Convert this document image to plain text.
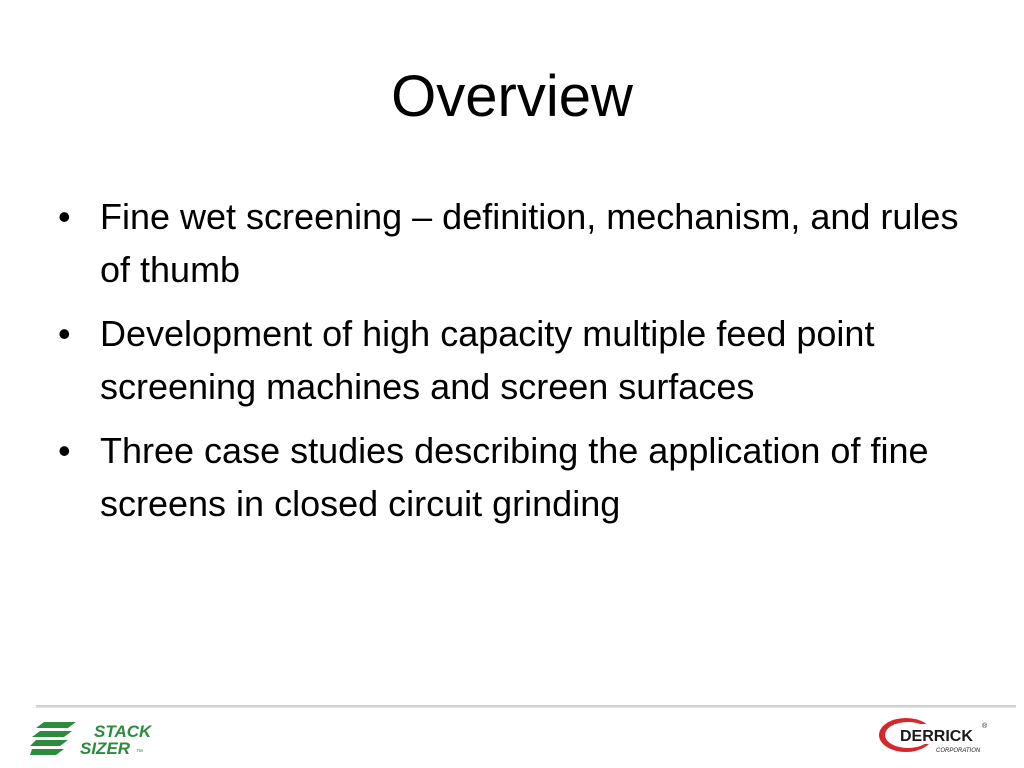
Overview
• Fine wet screening – definition, mechanism, and rules of thumb
• Development of high capacity multiple feed point screening machines and screen surfaces
• Three case studies describing the application of fine screens in closed circuit grinding
STACK
SIZER ™
DERRICK
®
CORPORATION
